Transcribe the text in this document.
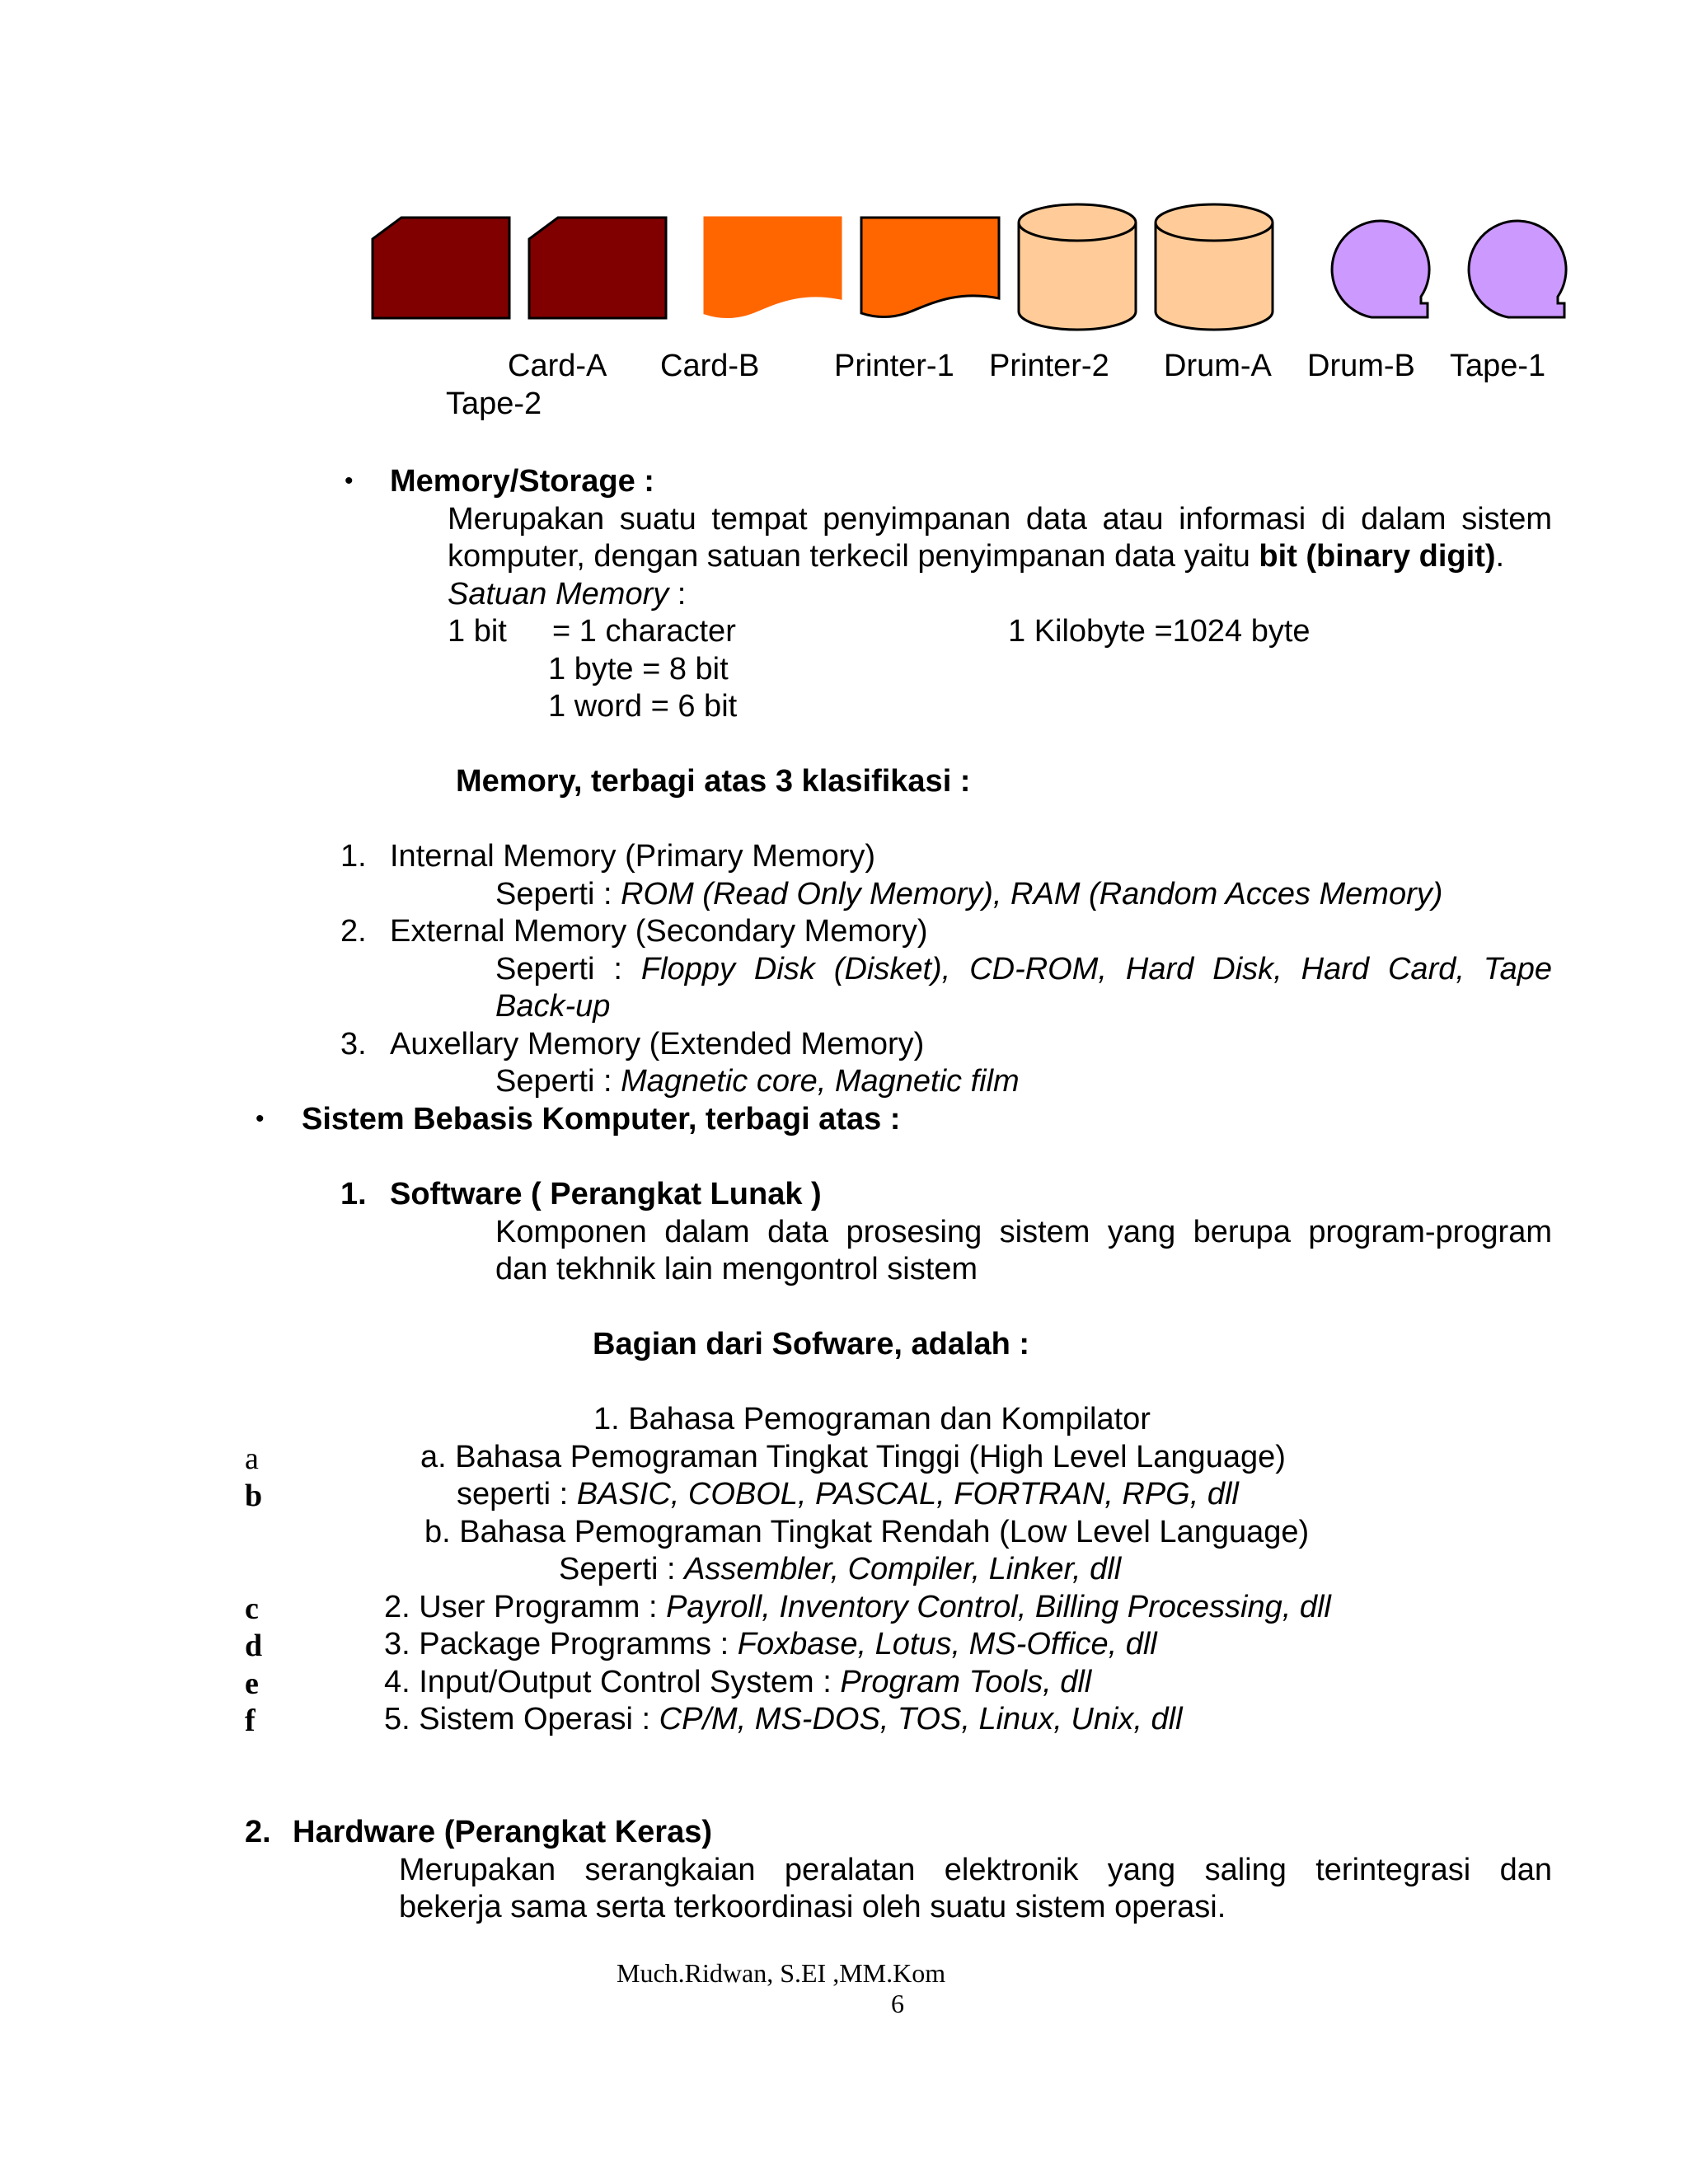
Card-A Card-B Printer-1 Printer-2 Drum-A Drum-B Tape-1
Tape-2
• Memory/Storage :
Merupakan suatu tempat penyimpanan data atau informasi di dalam sistem
komputer, dengan satuan terkecil penyimpanan data yaitu bit (binary digit).
Satuan Memory :
1 bit = 1 character	1 Kilobyte =1024 byte
1 byte = 8 bit
1 word = 6 bit
Memory, terbagi atas 3 klasifikasi :
1. Internal Memory (Primary Memory)
Seperti : ROM (Read Only Memory), RAM (Random Acces Memory)
2. External Memory (Secondary Memory)
Seperti : Floppy Disk (Disket), CD-ROM, Hard Disk, Hard Card, Tape
Back-up
3. Auxellary Memory (Extended Memory)
Seperti : Magnetic core, Magnetic film
• Sistem Bebasis Komputer, terbagi atas :
1. Software ( Perangkat Lunak )
Komponen dalam data prosesing sistem yang berupa program-program
dan tekhnik lain mengontrol sistem
Bagian dari Sofware, adalah :
1. Bahasa Pemograman dan Kompilator
a. Bahasa Pemograman Tingkat Tinggi (High Level Language)
seperti : BASIC, COBOL, PASCAL, FORTRAN, RPG, dll
b. Bahasa Pemograman Tingkat Rendah (Low Level Language)
Seperti : Assembler, Compiler, Linker, dll
2. User Programm : Payroll, Inventory Control, Billing Processing, dll
3. Package Programms : Foxbase, Lotus, MS-Office, dll
4. Input/Output Control System : Program Tools, dll
5. Sistem Operasi : CP/M, MS-DOS, TOS, Linux, Unix, dll
a
b
c
d
e
f
2. Hardware (Perangkat Keras)
Merupakan serangkaian peralatan elektronik yang saling terintegrasi dan
bekerja sama serta terkoordinasi oleh suatu sistem operasi.
Much.Ridwan, S.EI ,MM.Kom
6
